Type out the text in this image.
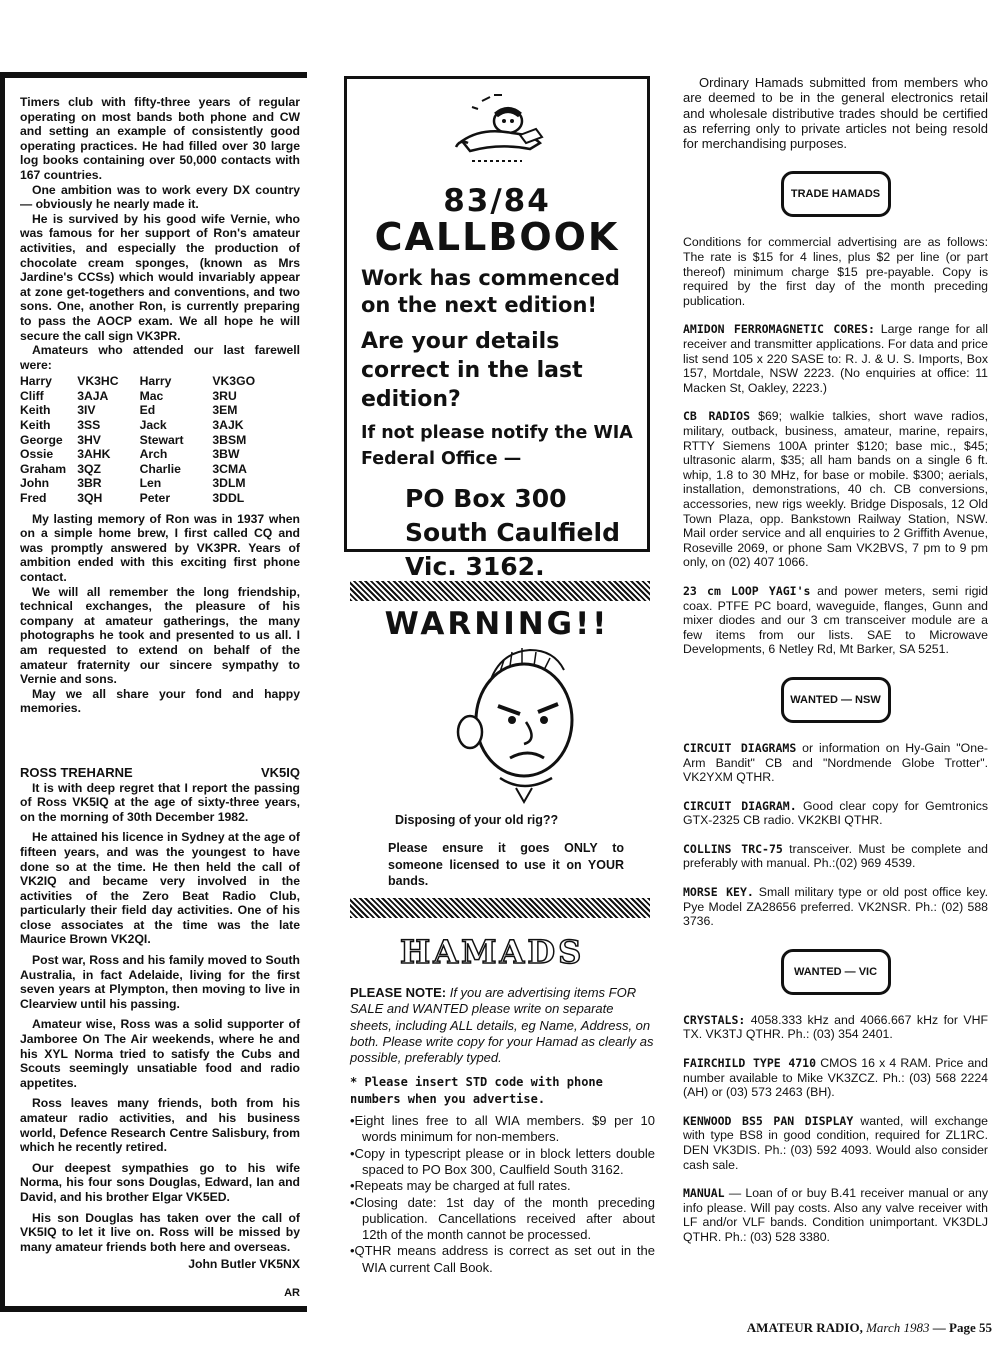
Timers club with fifty-three years of regular operating on most bands both phone and CW and setting an example of consistently good operating practices. He had filled over 30 large log books containing over 50,000 contacts with 167 countries.

One ambition was to work every DX country — obviously he nearly made it.

He is survived by his good wife Vernie, who was famous for her support of Ron's amateur activities, and especially the production of chocolate cream sponges, (known as Mrs Jardine's CCSs) which would invariably appear at zone get-togethers and conventions, and two sons. One, another Ron, is currently preparing to pass the AOCP exam. We all hope he will secure the call sign VK3PR.

Amateurs who attended our last farewell were:

Harry	VK3HC	Harry	VK3GO
Cliff	3AJA	Mac	3RU
Keith	3IV	Ed	3EM
Keith	3SS	Jack	3AJK
George	3HV	Stewart	3BSM
Ossie	3AHK	Arch	3BW
Graham	3QZ	Charlie	3CMA
John	3BR	Len	3DLM
Fred	3QH	Peter	3DDL

My lasting memory of Ron was in 1937 when on a simple home brew, I first called CQ and was promptly answered by VK3PR. Years of ambition ended with this exciting first phone contact.

We will all remember the long friendship, technical exchanges, the pleasure of his company at amateur gatherings, the many photographs he took and presented to us all. I am requested to extend on behalf of the amateur fraternity our sincere sympathy to Vernie and sons.

May we all share your fond and happy memories.

ROSS TREHARNE	VK5IQ

It is with deep regret that I report the passing of Ross VK5IQ at the age of sixty-three years, on the morning of 30th December 1982.

He attained his licence in Sydney at the age of fifteen years, and was the youngest to have done so at the time. He then held the call of VK2IQ and became very involved in the activities of the Zero Beat Radio Club, particularly their field day activities. One of his close associates at the time was the late Maurice Brown VK2QI.

Post war, Ross and his family moved to South Australia, in fact Adelaide, living for the first seven years at Plympton, then moving to live in Clearview until his passing.

Amateur wise, Ross was a solid supporter of Jamboree On The Air weekends, where he and his XYL Norma tried to satisfy the Cubs and Scouts seemingly unsatiable food and radio appetites.

Ross leaves many friends, both from his amateur radio activities, and his business world, Defence Research Centre Salisbury, from which he recently retired.

Our deepest sympathies go to his wife Norma, his four sons Douglas, Edward, Ian and David, and his brother Elgar VK5ED.

His son Douglas has taken over the call of VK5IQ to let it live on. Ross will be missed by many amateur friends both here and overseas.

John Butler VK5NX
AR
83/84
CALLBOOK
Work has commenced on the next edition!
Are your details correct in the last edition?
If not please notify the WIA Federal Office —
PO Box 300
South Caulfield
Vic. 3162.
WARNING!!
Disposing of your old rig??
Please ensure it goes ONLY to someone licensed to use it on YOUR bands.
HAMADS

PLEASE NOTE: If you are advertising items FOR SALE and WANTED please write on separate sheets, including ALL details, eg Name, Address, on both. Please write copy for your Hamad as clearly as possible, preferably typed.

* Please insert STD code with phone numbers when you advertise.

•Eight lines free to all WIA members. $9 per 10 words minimum for non-members.
•Copy in typescript please or in block letters double spaced to PO Box 300, Caulfield South 3162.
•Repeats may be charged at full rates.
•Closing date: 1st day of the month preceding publication. Cancellations received after about 12th of the month cannot be processed.
•QTHR means address is correct as set out in the WIA current Call Book.

Ordinary Hamads submitted from members who are deemed to be in the general electronics retail and wholesale distributive trades should be certified as referring only to private articles not being resold for merchandising purposes.

TRADE HAMADS

Conditions for commercial advertising are as follows: The rate is $15 for 4 lines, plus $2 per line (or part thereof) minimum charge $15 pre-payable. Copy is required by the first day of the month preceding publication.

AMIDON FERROMAGNETIC CORES: Large range for all receiver and transmitter applications. For data and price list send 105 x 220 SASE to: R. J. & U. S. Imports, Box 157, Mortdale, NSW 2223. (No enquiries at office: 11 Macken St, Oakley, 2223.)

CB RADIOS $69; walkie talkies, short wave radios, military, outback, business, amateur, marine, repairs, RTTY Siemens 100A printer $120; base mic., $45; ultrasonic alarm, $35; all ham bands on a single 6 ft. whip, 1.8 to 30 MHz, for base or mobile. $300; aerials, installation, demonstrations, 40 ch. CB conversions, accessories, new rigs weekly. Bridge Disposals, 12 Old Town Plaza, opp. Bankstown Railway Station, NSW. Mail order service and all enquiries to 2 Griffith Avenue, Roseville 2069, or phone Sam VK2BVS, 7 pm to 9 pm only, on (02) 407 1066.

23 cm LOOP YAGI's and power meters, semi rigid coax. PTFE PC board, waveguide, flanges, Gunn and mixer diodes and our 3 cm transceiver module are a few items from our lists. SAE to Microwave Developments, 6 Netley Rd, Mt Barker, SA 5251.

WANTED — NSW

CIRCUIT DIAGRAMS or information on Hy-Gain "One-Arm Bandit" CB and "Nordmende Globe Trotter". VK2YXM QTHR.

CIRCUIT DIAGRAM. Good clear copy for Gemtronics GTX-2325 CB radio. VK2KBI QTHR.

COLLINS TRC-75 transceiver. Must be complete and preferably with manual. Ph.:(02) 969 4539.

MORSE KEY. Small military type or old post office key. Pye Model ZA28656 preferred. VK2NSR. Ph.: (02) 588 3736.

WANTED — VIC

CRYSTALS: 4058.333 kHz and 4066.667 kHz for VHF TX. VK3TJ QTHR. Ph.: (03) 354 2401.

FAIRCHILD TYPE 4710 CMOS 16 x 4 RAM. Price and number available to Mike VK3ZCZ. Ph.: (03) 568 2224 (AH) or (03) 573 2463 (BH).

KENWOOD BS5 PAN DISPLAY wanted, will exchange with type BS8 in good condition, required for ZL1RC. DEN VK3DIS. Ph.: (03) 592 4093. Would also consider cash sale.

MANUAL — Loan of or buy B.41 receiver manual or any info please. Will pay costs. Also any valve receiver with LF and/or VLF bands. Condition unimportant. VK3DLJ QTHR. Ph.: (03) 528 3380.

AMATEUR RADIO, March 1983 — Page 55
